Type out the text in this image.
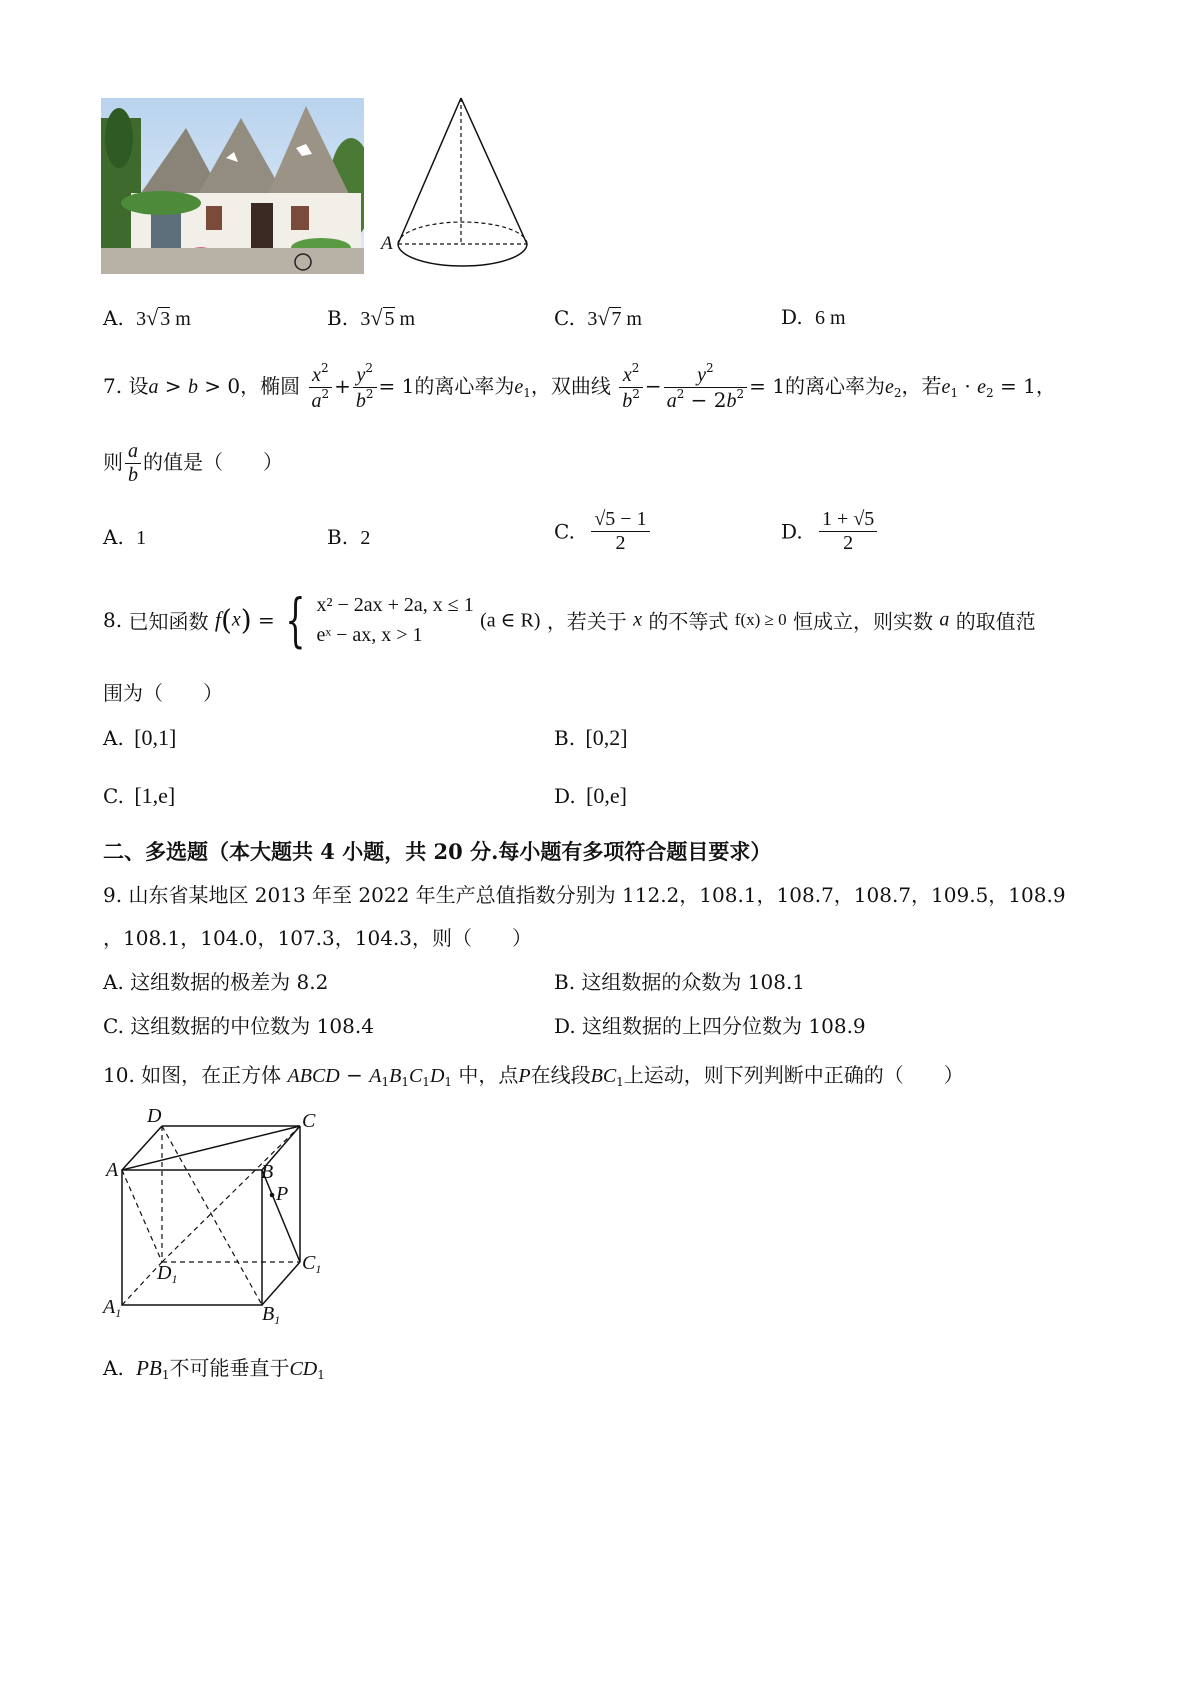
A
A. 3√ 3 m	B. 3√ 5 m	C. 3√ 7 m	D. 6 m
7. 设a > b > 0，椭圆 $\frac{x^2}{a^2} + \frac{y^2}{b^2} = 1$的离心率为$e_1$，双曲线 $\frac{x^2}{b^2} - \frac{y^2}{a^2 - 2b^2} = 1$的离心率为$e_2$，若$e_1 \cdot e_2 = 1$，
则 $\frac{a}{b}$ 的值是（　　）
A. 1	B. 2	C. $\frac{√5 - 1}{2}$	D. $\frac{1 + √5}{2}$
8. 已知函数 f(x) = { x² − 2ax + 2a, x ≤ 1
eˣ − ax, x > 1
(a ∈ R) ，若关于 x 的不等式 f(x) ≥ 0 恒成立，则实数 a 的取值范
围为（　　）
A. [0,1]	B. [0,2]
C. [1,e]	D. [0,e]
二、多选题（本大题共 4 小题，共 20 分.每小题有多项符合题目要求）
9. 山东省某地区 2013 年至 2022 年生产总值指数分别为 112.2，108.1，108.7，108.7，109.5，108.9
，108.1，104.0，107.3，104.3，则（　　）
A. 这组数据的极差为 8.2	B. 这组数据的众数为 108.1
C. 这组数据的中位数为 108.4	D. 这组数据的上四分位数为 108.9
10. 如图，在正方体 ABCD − $A_1B_1C_1D_1$ 中，点P在线段$BC_1$上运动，则下列判断中正确的（　　）
D	C
A	B
P
$D_1$
$C_1$
$A_1$	$B_1$
A. $PB_1$不可能垂直于$CD_1$
